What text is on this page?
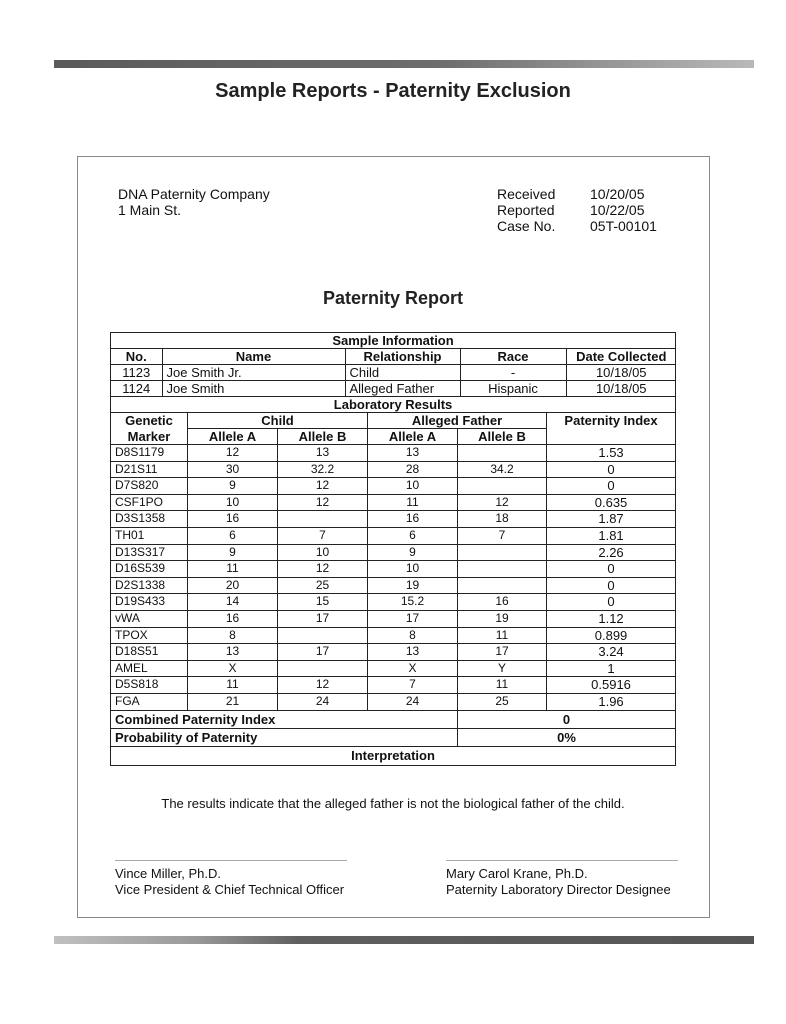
Sample Reports - Paternity Exclusion
DNA Paternity Company
1 Main St.
Received	10/20/05
Reported	10/22/05
Case No.	05T-00101
Paternity Report
Sample Information

No.	Name	Relationship	Race	Date Collected
1123	Joe Smith Jr.	Child	-	10/18/05
1124	Joe Smith	Alleged Father	Hispanic	10/18/05

Laboratory Results
Genetic	Child	Alleged Father	Paternity Index
Marker	Allele A	Allele B	Allele A	Allele B	
D8S1179	12	13	13		1.53
D21S11	30	32.2	28	34.2	0
D7S820	9	12	10		0
CSF1PO	10	12	11	12	0.635
D3S1358	16		16	18	1.87
TH01	6	7	6	7	1.81
D13S317	9	10	9		2.26
D16S539	11	12	10		0
D2S1338	20	25	19		0
D19S433	14	15	15.2	16	0
vWA	16	17	17	19	1.12
TPOX	8		8	11	0.899
D18S51	13	17	13	17	3.24
AMEL	X		X	Y	1
D5S818	11	12	7	11	0.5916
FGA	21	24	24	25	1.96
Combined Paternity Index	0
Probability of Paternity	0%
Interpretation
The results indicate that the alleged father is not the biological father of the child.
Vince Miller, Ph.D.
Vice President & Chief Technical Officer
Mary Carol Krane, Ph.D.
Paternity Laboratory Director Designee
